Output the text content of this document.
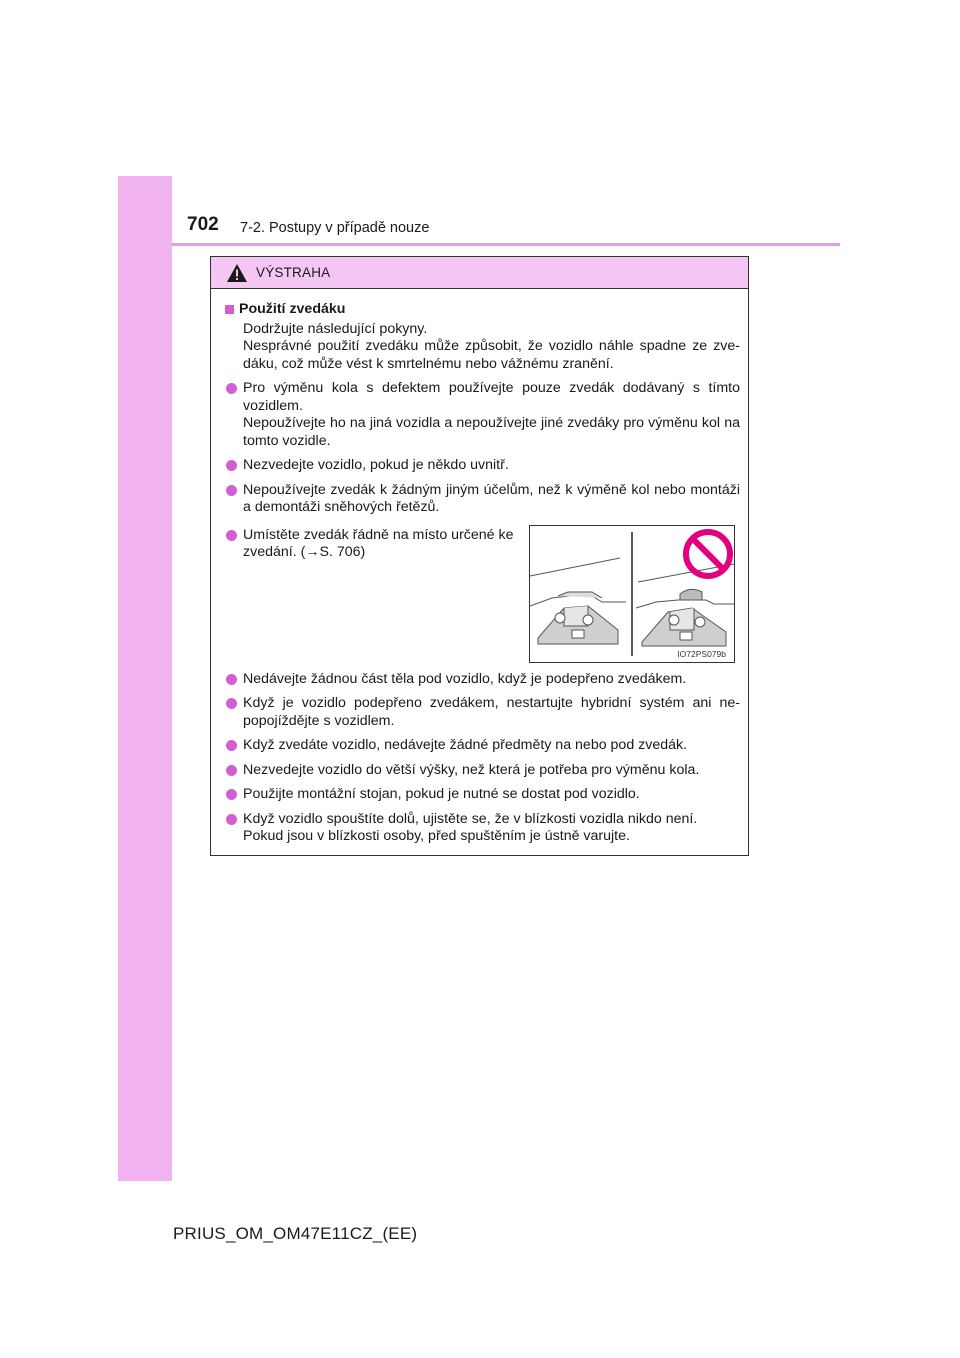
702 7-2. Postupy v případě nouze
VÝSTRAHA
Použití zvedáku
Dodržujte následující pokyny.
Nesprávné použití zvedáku může způsobit, že vozidlo náhle spadne ze zve-dáku, což může vést k smrtelnému nebo vážnému zranění.
Pro výměnu kola s defektem používejte pouze zvedák dodávaný s tímto vozidlem.
Nepoužívejte ho na jiná vozidla a nepoužívejte jiné zvedáky pro výměnu kol na tomto vozidle.
Nezvedejte vozidlo, pokud je někdo uvnitř.
Nepoužívejte zvedák k žádným jiným účelům, než k výměně kol nebo montáži a demontáži sněhových řetězů.
Umístěte zvedák řádně na místo určené ke zvedání. (→S. 706)
IO72PS079b
Nedávejte žádnou část těla pod vozidlo, když je podepřeno zvedákem.
Když je vozidlo podepřeno zvedákem, nestartujte hybridní systém ani ne-popojíždějte s vozidlem.
Když zvedáte vozidlo, nedávejte žádné předměty na nebo pod zvedák.
Nezvedejte vozidlo do větší výšky, než která je potřeba pro výměnu kola.
Použijte montážní stojan, pokud je nutné se dostat pod vozidlo.
Když vozidlo spouštíte dolů, ujistěte se, že v blízkosti vozidla nikdo není.
Pokud jsou v blízkosti osoby, před spuštěním je ústně varujte.
PRIUS_OM_OM47E11CZ_(EE)
